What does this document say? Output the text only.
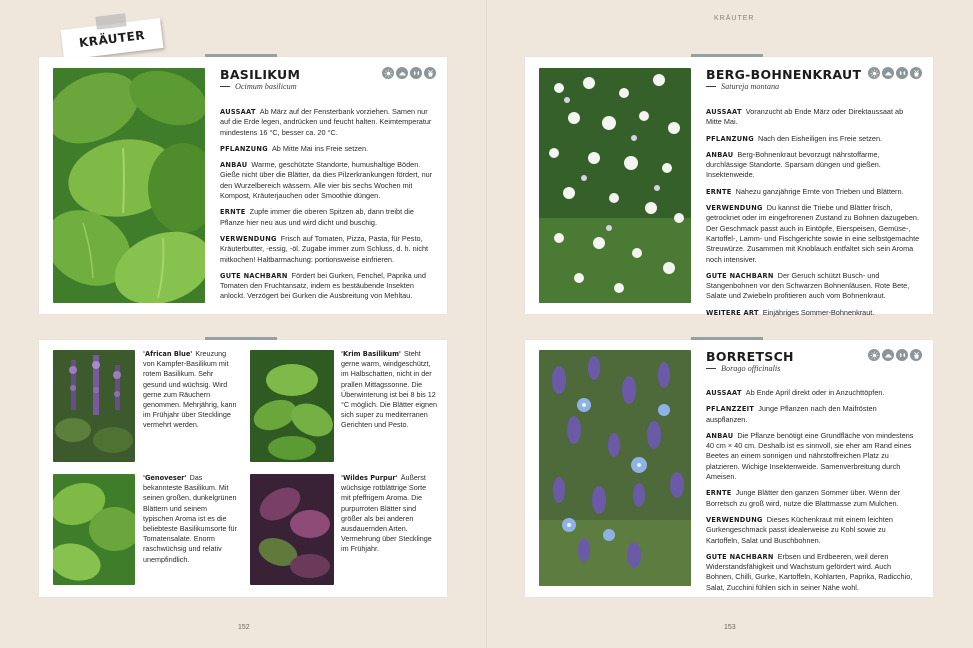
KRÄUTER
KRÄUTER
BASILIKUM
Ocimum basilicum
AUSSAAT Ab März auf der Fensterbank vorziehen. Samen nur auf die Erde legen, andrücken und feucht halten. Keimtemperatur mindestens 16 °C, besser ca. 20 °C.
PFLANZUNG Ab Mitte Mai ins Freie setzen.
ANBAU Warme, geschützte Standorte, humushaltige Böden. Gieße nicht über die Blätter, da dies Pilzerkrankungen fördert, nur den Wurzelbereich wässern. Alle vier bis sechs Wochen mit Kompost, Kräuterjauchen oder Smoothie düngen.
ERNTE Zupfe immer die oberen Spitzen ab, dann treibt die Pflanze hier neu aus und wird dicht und buschig.
VERWENDUNG Frisch auf Tomaten, Pizza, Pasta, für Pesto, Kräuterbutter, -essig, -öl. Zugabe immer zum Schluss, d. h. nicht mitkochen! Haltbarmachung: portionsweise einfrieren.
GUTE NACHBARN Fördert bei Gurken, Fenchel, Paprika und Tomaten den Fruchtansatz, indem es bestäubende Insekten anlockt. Verzögert bei Gurken die Ausbreitung von Mehltau.
'African Blue' Kreuzung von Kampfer-Basilikum mit rotem Basilikum. Sehr gesund und wüchsig. Wird gerne zum Räuchern genommen. Mehrjährig, kann im Frühjahr über Stecklinge vermehrt werden.
'Krim Basilikum' Steht gerne warm, windgeschützt, im Halbschatten, nicht in der prallen Mittagssonne. Die Überwinterung ist bei 8 bis 12 °C möglich. Die Blätter eignen sich super zu mediterranen Gerichten und Pesto.
'Genoveser' Das bekannteste Basilikum. Mit seinen großen, dunkelgrünen Blättern und seinem typischen Aroma ist es die beliebteste Basilikumsorte für Tomatensalate. Enorm raschwüchsig und relativ unempfindlich.
'Wildes Purpur' Äußerst wüchsige rotblättrige Sorte mit pfeffrigem Aroma. Die purpurroten Blätter sind größer als bei anderen ausdauernden Arten. Vermehrung über Stecklinge im Frühjahr.
BERG-BOHNENKRAUT
Satureja montana
AUSSAAT Voranzucht ab Ende März oder Direktaussaat ab Mitte Mai.
PFLANZUNG Nach den Eisheiligen ins Freie setzen.
ANBAU Berg-Bohnenkraut bevorzugt nährstoffarme, durchlässige Standorte. Sparsam düngen und gießen. Insektenweide.
ERNTE Nahezu ganzjährige Ernte von Trieben und Blättern.
VERWENDUNG Du kannst die Triebe und Blätter frisch, getrocknet oder im eingefrorenen Zustand zu Bohnen dazugeben. Der Geschmack passt auch in Eintöpfe, Eierspeisen, Gemüse-, Kartoffel-, Lamm- und Fischgerichte sowie in eine selbstgemachte Streuwürze. Zusammen mit Knoblauch entfaltet sich sein Aroma noch intensiver.
GUTE NACHBARN Der Geruch schützt Busch- und Stangenbohnen vor den Schwarzen Bohnenläusen. Rote Bete, Salate und Zwiebeln profitieren auch vom Bohnenkraut.
WEITERE ART Einjähriges Sommer-Bohnenkraut.
BORRETSCH
Borago officinalis
AUSSAAT Ab Ende April direkt oder in Anzuchttöpfen.
PFLANZZEIT Junge Pflanzen nach den Maifrösten auspflanzen.
ANBAU Die Pflanze benötigt eine Grundfläche von mindestens 40 cm × 40 cm. Deshalb ist es sinnvoll, sie eher am Rand eines Beetes an einem sonnigen und nährstoffreichen Platz zu platzieren. Wichige Insektenweide. Samenverbreitung durch Ameisen.
ERNTE Junge Blätter den ganzen Sommer über. Wenn der Borretsch zu groß wird, nutze die Blattmasse zum Mulchen.
VERWENDUNG Dieses Küchenkraut mit einem leichten Gurkengeschmack passt idealerweise zu Kohl sowie zu Kartoffeln, Salat und Buschbohnen.
GUTE NACHBARN Erbsen und Erdbeeren, weil deren Widerstandsfähigkeit und Wachstum gefördert wird. Auch Bohnen, Chilli, Gurke, Kartoffeln, Kohlarten, Paprika, Radicchio, Salat, Zucchini fühlen sich in seiner Nähe wohl.
152	153
